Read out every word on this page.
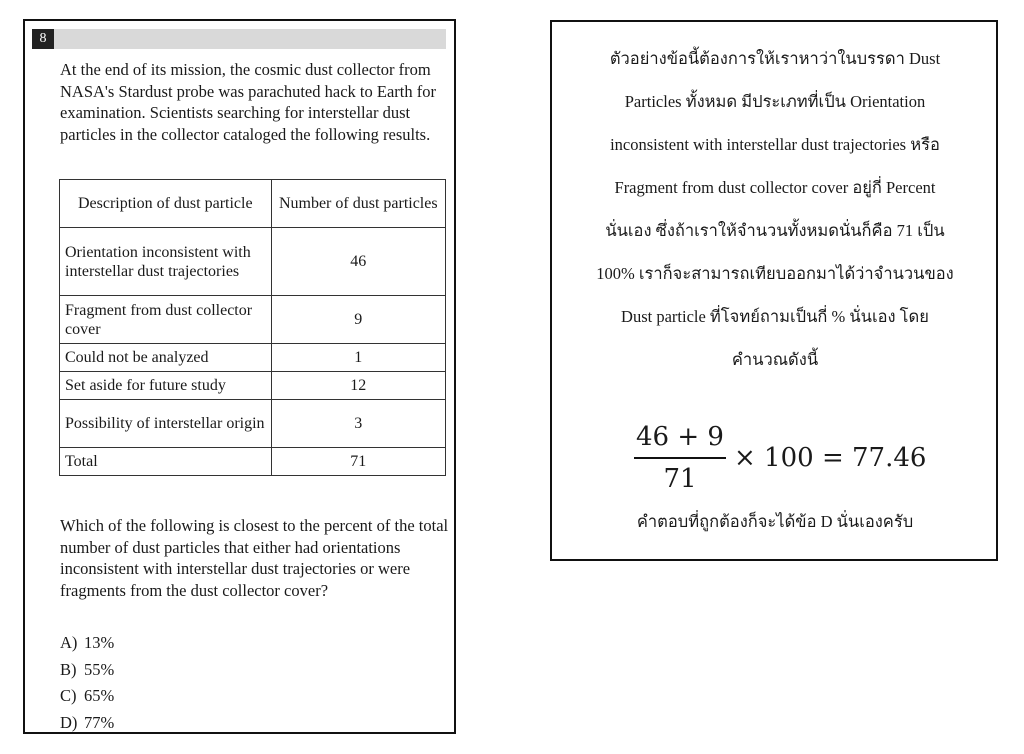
8

At the end of its mission, the cosmic dust collector from NASA's Stardust probe was parachuted hack to Earth for examination. Scientists searching for interstellar dust particles in the collector cataloged the following results.

Description of dust particle	Number of dust particles
Orientation inconsistent with interstellar dust trajectories	46
Fragment from dust collector cover	9
Could not be analyzed	1
Set aside for future study	12
Possibility of interstellar origin	3
Total	71

Which of the following is closest to the percent of the total number of dust particles that either had orientations inconsistent with interstellar dust trajectories or were fragments from the dust collector cover?

A) 13%
B) 55%
C) 65%
D) 77%
ตัวอย่างข้อนี้ต้องการให้เราหาว่าในบรรดา Dust
Particles ทั้งหมด มีประเภทที่เป็น Orientation
inconsistent with interstellar dust trajectories หรือ
Fragment from dust collector cover อยู่กี่ Percent
นั่นเอง ซึ่งถ้าเราให้จำนวนทั้งหมดนั่นก็คือ 71 เป็น
100% เราก็จะสามารถเทียบออกมาได้ว่าจำนวนของ
Dust particle ที่โจทย์ถามเป็นกี่ % นั่นเอง โดย
คำนวณดังนี้
46 + 9
71
× 100 = 77.46

คำตอบที่ถูกต้องก็จะได้ข้อ D นั่นเองครับ
